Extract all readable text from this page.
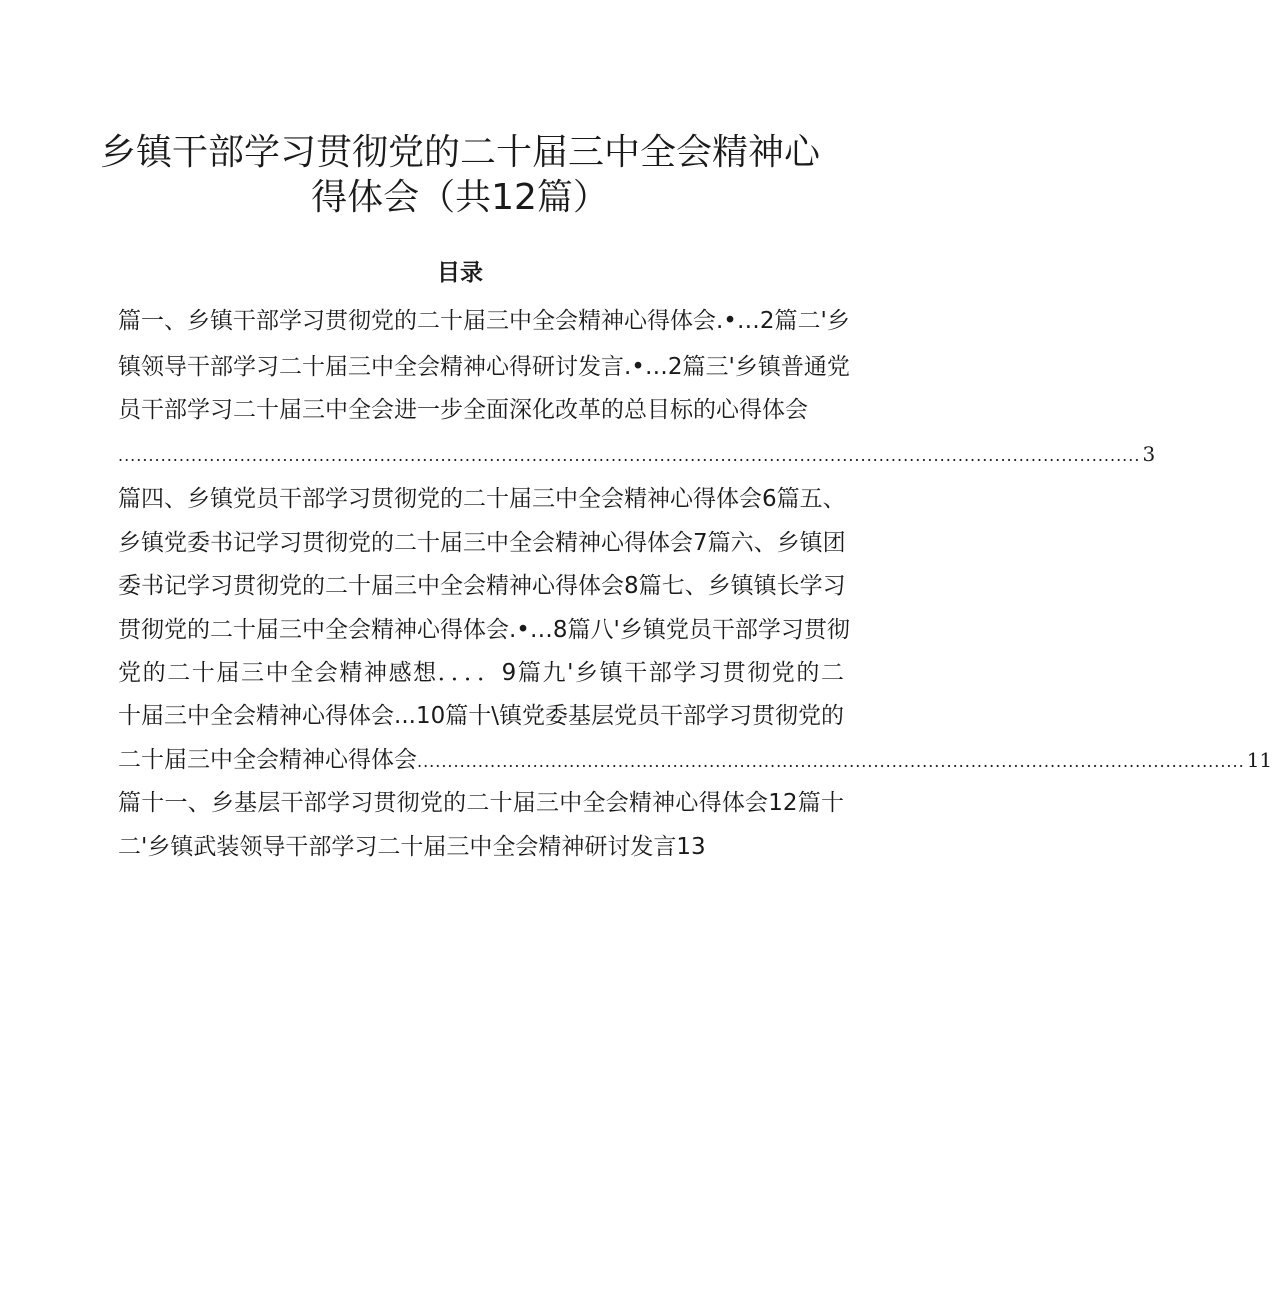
乡镇干部学习贯彻党的二十届三中全会精神心
得体会（共12篇）
目录

篇一、乡镇干部学习贯彻党的二十届三中全会精神心得体会.•…2篇二'乡

镇领导干部学习二十届三中全会精神心得研讨发言.•…2篇三'乡镇普通党

员干部学习二十届三中全会进一步全面深化改革的总目标的心得体会

........................................................................................................................................................................ 3

篇四、乡镇党员干部学习贯彻党的二十届三中全会精神心得体会6篇五、

乡镇党委书记学习贯彻党的二十届三中全会精神心得体会7篇六、乡镇团

委书记学习贯彻党的二十届三中全会精神心得体会8篇七、乡镇镇长学习

贯彻党的二十届三中全会精神心得体会.•…8篇八'乡镇党员干部学习贯彻

党的二十届三中全会精神感想．．．．9篇九'乡镇干部学习贯彻党的二

十届三中全会精神心得体会...10篇十\镇党委基层党员干部学习贯彻党的

二十届三中全会精神心得体会 ........................................................................................................................................ 11

篇十一、乡基层干部学习贯彻党的二十届三中全会精神心得体会12篇十

二'乡镇武装领导干部学习二十届三中全会精神研讨发言13
